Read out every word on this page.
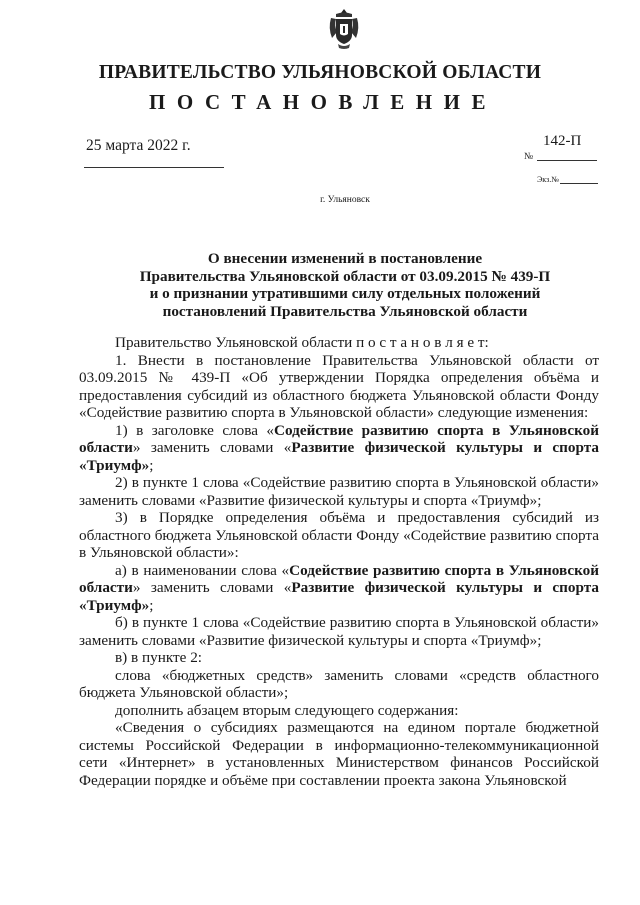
ПРАВИТЕЛЬСТВО УЛЬЯНОВСКОЙ ОБЛАСТИ
ПОСТАНОВЛЕНИЕ
25 марта 2022 г.	142-П
№
Экз.№
г. Ульяновск
О внесении изменений в постановление
Правительства Ульяновской области от 03.09.2015 № 439-П
и о признании утратившими силу отдельных положений
постановлений Правительства Ульяновской области

Правительство Ульяновской области п о с т а н о в л я е т:

1. Внести в постановление Правительства Ульяновской области от 03.09.2015 № 439-П «Об утверждении Порядка определения объёма и предоставления субсидий из областного бюджета Ульяновской области Фонду «Содействие развитию спорта в Ульяновской области» следующие изменения:

1) в заголовке слова «Содействие развитию спорта в Ульяновской области» заменить словами «Развитие физической культуры и спорта «Триумф»;

2) в пункте 1 слова «Содействие развитию спорта в Ульяновской области» заменить словами «Развитие физической культуры и спорта «Триумф»;

3) в Порядке определения объёма и предоставления субсидий из областного бюджета Ульяновской области Фонду «Содействие развитию спорта в Ульяновской области»:

а) в наименовании слова «Содействие развитию спорта в Ульяновской области» заменить словами «Развитие физической культуры и спорта «Триумф»;

б) в пункте 1 слова «Содействие развитию спорта в Ульяновской области» заменить словами «Развитие физической культуры и спорта «Триумф»;

в) в пункте 2:

слова «бюджетных средств» заменить словами «средств областного бюджета Ульяновской области»;

дополнить абзацем вторым следующего содержания:

«Сведения о субсидиях размещаются на едином портале бюджетной системы Российской Федерации в информационно-телекоммуникационной сети «Интернет» в установленных Министерством финансов Российской Федерации порядке и объёме при составлении проекта закона Ульяновской
